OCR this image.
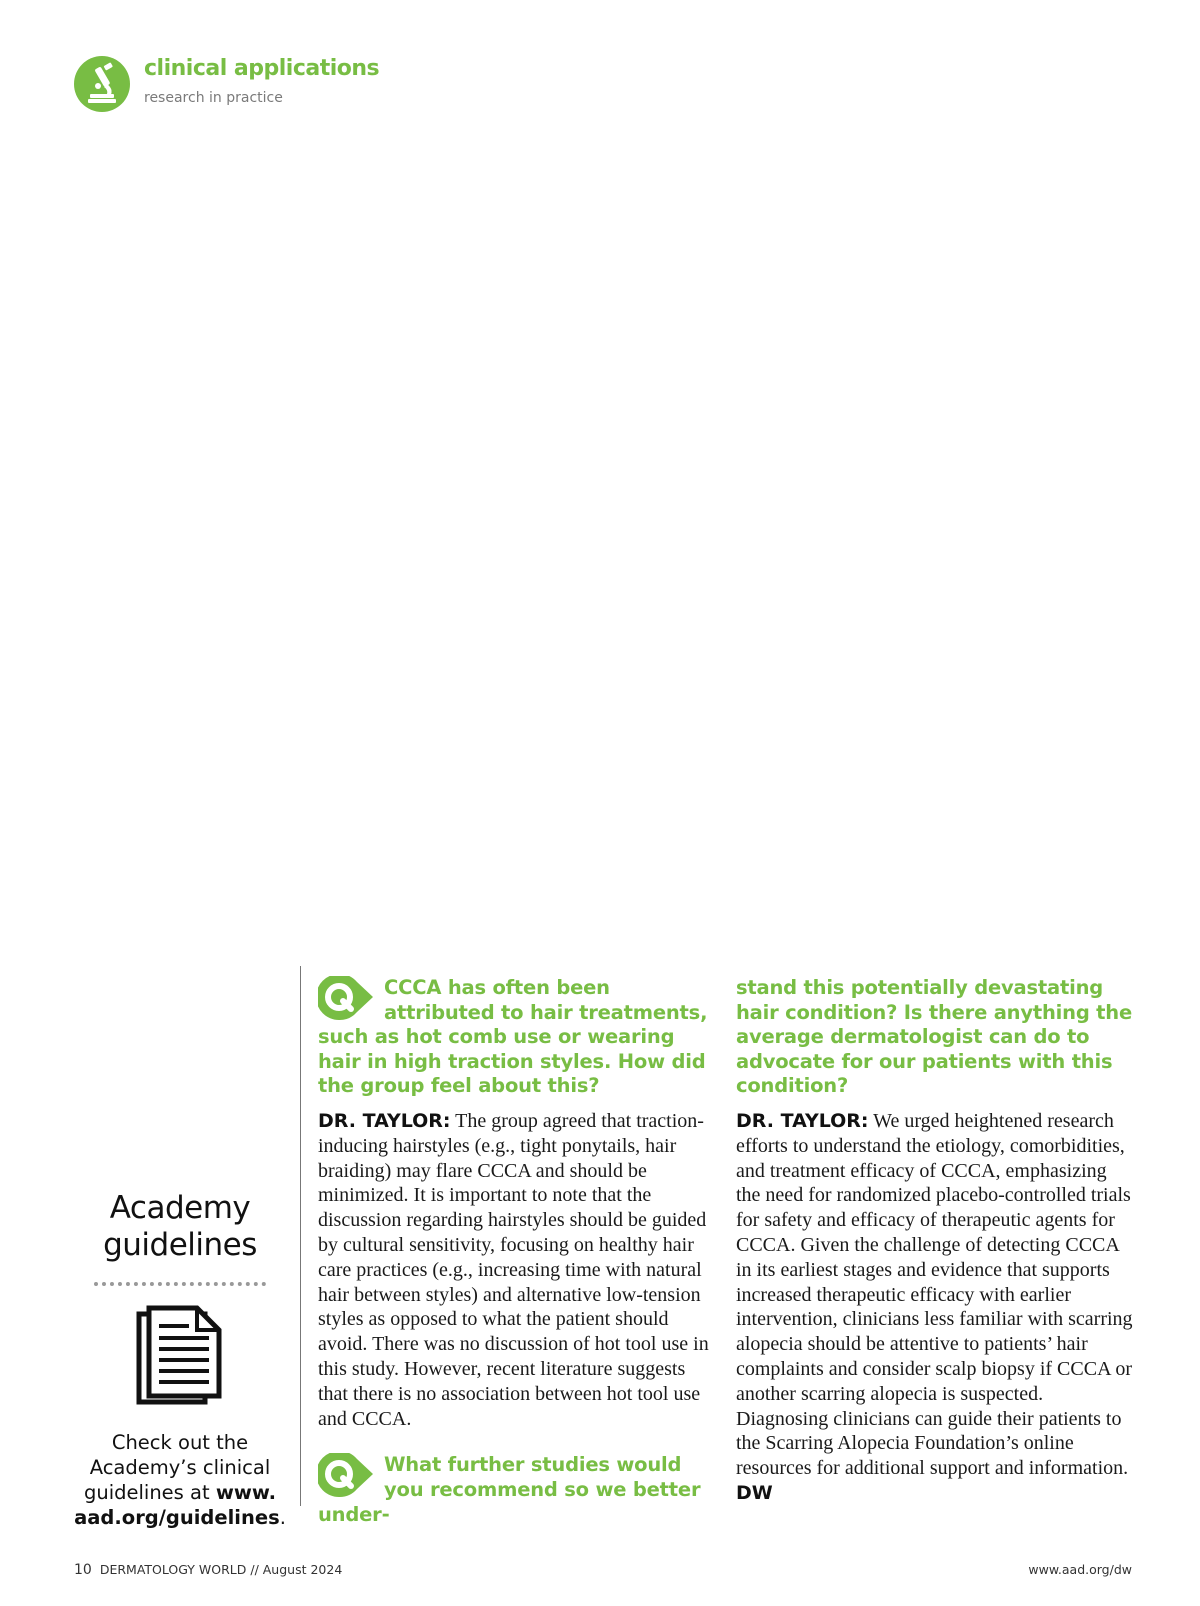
clinical applications
research in practice
Academy
guidelines
Check out the Academy’s clinical guidelines at www. aad.org/guidelines.

CCCA has often been attributed to hair treatments, such as hot comb use or wearing hair in high traction styles. How did the group feel about this?

DR. TAYLOR: The group agreed that traction-inducing hairstyles (e.g., tight ponytails, hair braiding) may flare CCCA and should be minimized. It is important to note that the discussion regarding hairstyles should be guided by cultural sensitivity, focusing on healthy hair care practices (e.g., increasing time with natural hair between styles) and alternative low-tension styles as opposed to what the patient should avoid. There was no discussion of hot tool use in this study. However, recent literature suggests that there is no association between hot tool use and CCCA.

What further studies would you recommend so we better under-

stand this potentially devastating hair condition? Is there anything the average dermatologist can do to advocate for our patients with this condition?

DR. TAYLOR: We urged heightened research efforts to understand the etiology, comorbidities, and treatment efficacy of CCCA, emphasizing the need for randomized placebo-controlled trials for safety and efficacy of therapeutic agents for CCCA. Given the challenge of detecting CCCA in its earliest stages and evidence that supports increased therapeutic efficacy with earlier intervention, clinicians less familiar with scarring alopecia should be attentive to patients’ hair complaints and consider scalp biopsy if CCCA or another scarring alopecia is suspected. Diagnosing clinicians can guide their patients to the Scarring Alopecia Foundation’s online resources for additional support and information. DW

10 DERMATOLOGY WORLD // August 2024	www.aad.org/dw
